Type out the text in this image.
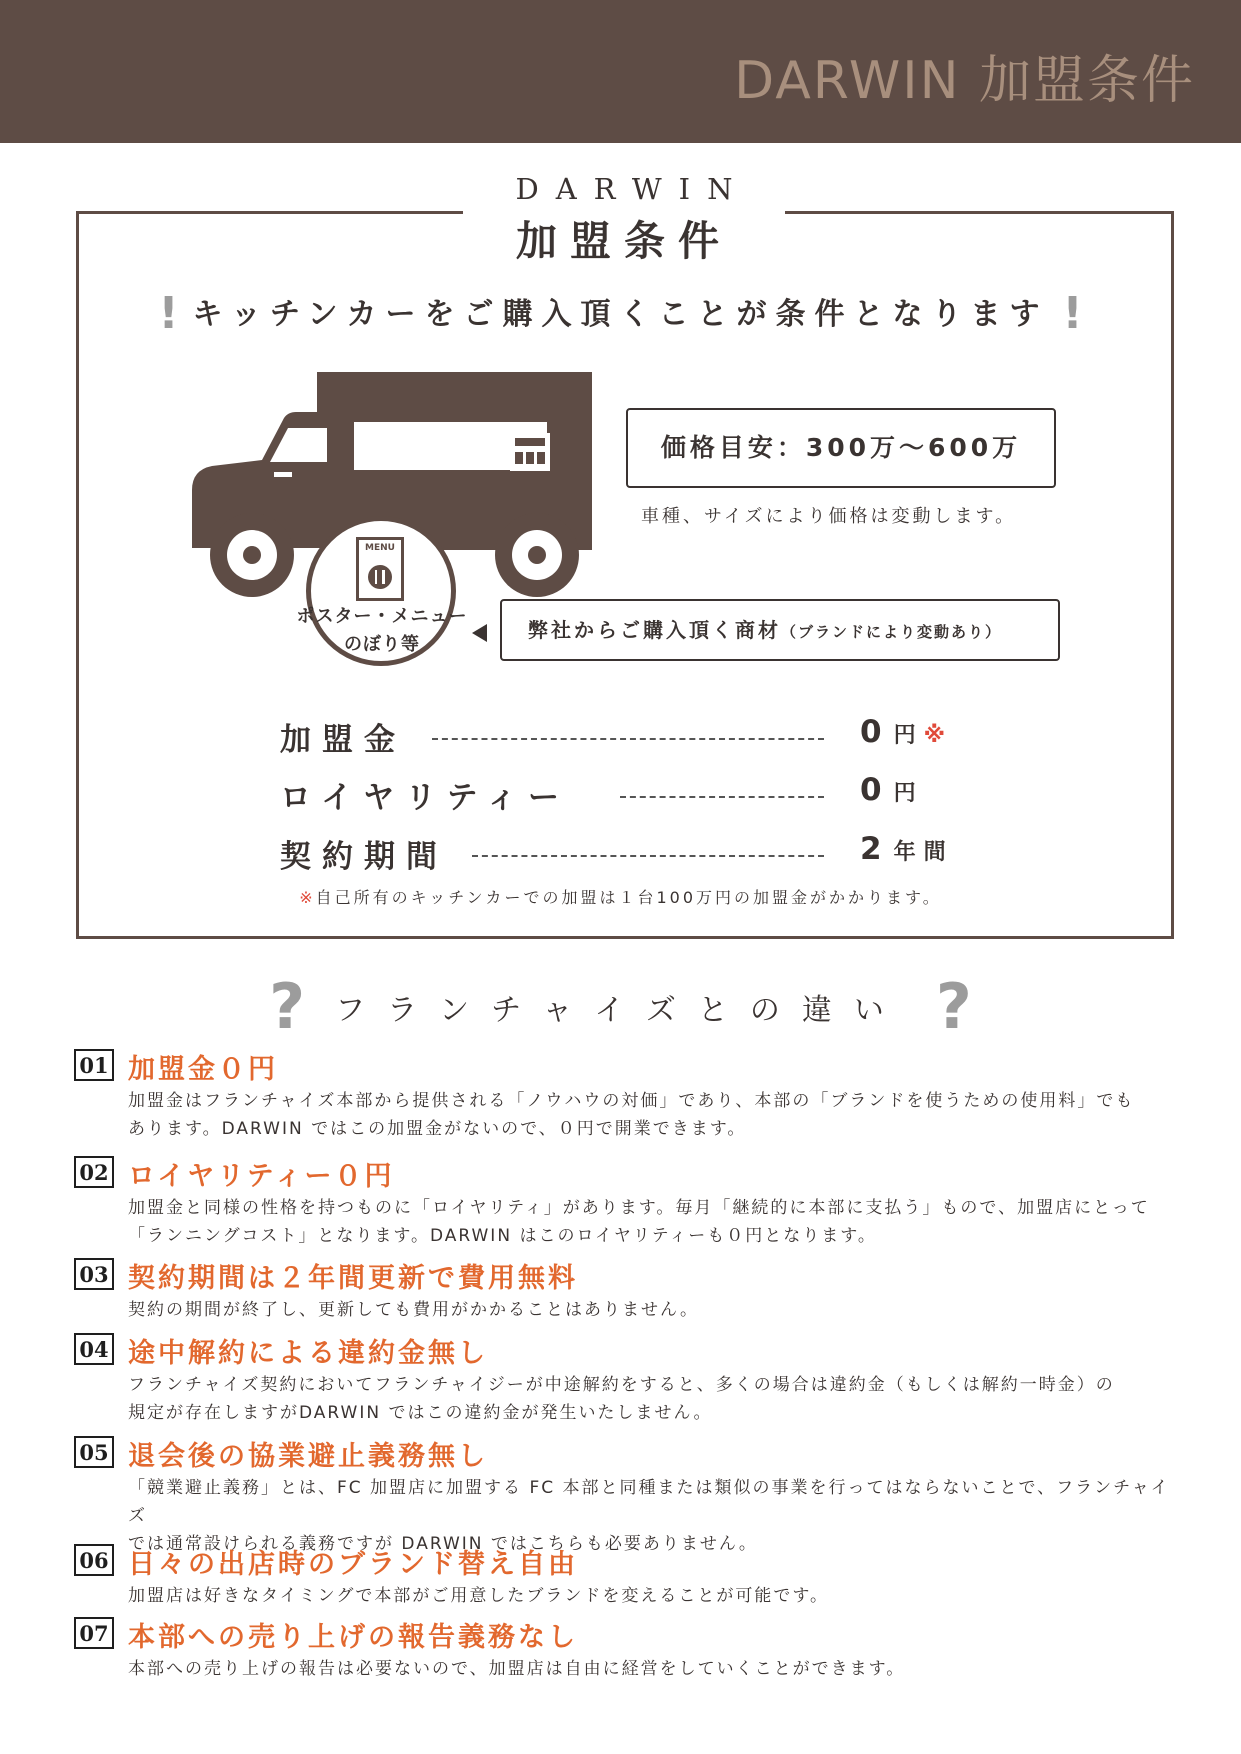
DARWIN 加盟条件
DARWIN
加盟条件
! キッチンカーをご購入頂くことが条件となります !
価格目安：300万〜600万
車種、サイズにより価格は変動します。
MENU
ポスター・メニュー
のぼり等
弊社からご購入頂く商材（ブランドにより変動あり）
加盟金	0円※
ロイヤリティー	0円
契約期間	2年間
※自己所有のキッチンカーでの加盟は１台100万円の加盟金がかかります。
? フランチャイズとの違い ?
01 加盟金０円
加盟金はフランチャイズ本部から提供される「ノウハウの対価」であり、本部の「ブランドを使うための使用料」でも
あります。DARWIN ではこの加盟金がないので、０円で開業できます。
02 ロイヤリティー０円
加盟金と同様の性格を持つものに「ロイヤリティ」があります。毎月「継続的に本部に支払う」もので、加盟店にとって
「ランニングコスト」となります。DARWIN はこのロイヤリティーも０円となります。
03 契約期間は２年間更新で費用無料
契約の期間が終了し、更新しても費用がかかることはありません。
04 途中解約による違約金無し
フランチャイズ契約においてフランチャイジーが中途解約をすると、多くの場合は違約金（もしくは解約一時金）の
規定が存在しますがDARWIN ではこの違約金が発生いたしません。
05 退会後の協業避止義務無し
「競業避止義務」とは、FC 加盟店に加盟する FC 本部と同種または類似の事業を行ってはならないことで、フランチャイズ
では通常設けられる義務ですが DARWIN ではこちらも必要ありません。
06 日々の出店時のブランド替え自由
加盟店は好きなタイミングで本部がご用意したブランドを変えることが可能です。
07 本部への売り上げの報告義務なし
本部への売り上げの報告は必要ないので、加盟店は自由に経営をしていくことができます。
